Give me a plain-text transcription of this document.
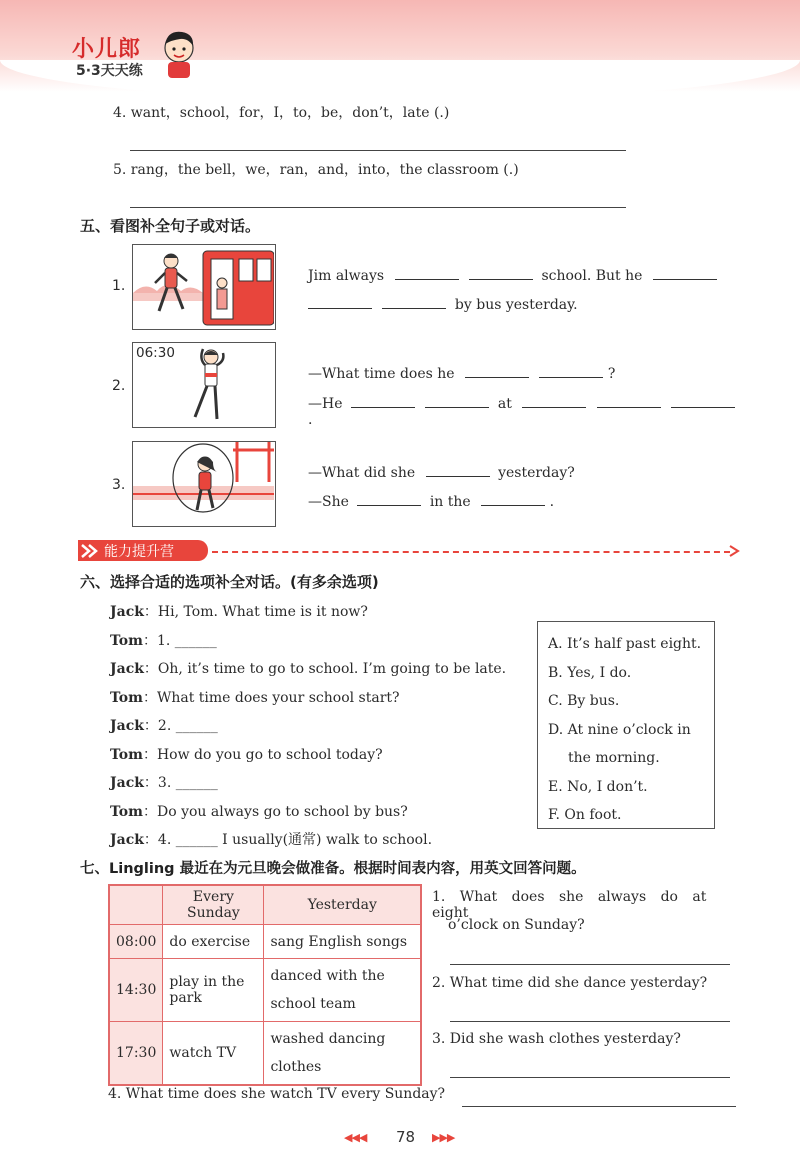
小儿郎
5·3天天练
4. want，school，for，I，to，be，don’t，late (.)
5. rang，the bell，we，ran，and，into，the classroom (.)
五、看图补全句子或对话。
1.
Jim always	school. But he
by bus yesterday.
2.
06:30
—What time does he	?
—He	at    .
3.
—What did she	yesterday?
—She	in the	.
能力提升营
六、选择合适的选项补全对话。(有多余选项)
Jack：Hi, Tom. What time is it now?
Tom：1. ______
Jack：Oh, it’s time to go to school. I’m going to be late.
Tom：What time does your school start?
Jack：2. ______
Tom：How do you go to school today?
Jack：3. ______
Tom：Do you always go to school by bus?
Jack：4. ______ I usually(通常) walk to school.
A. It’s half past eight.
B. Yes, I do.
C. By bus.
D. At nine o’clock in
the morning.
E. No, I don’t.
F. On foot.
七、Lingling 最近在为元旦晚会做准备。根据时间表内容，用英文回答问题。
	Every Sunday	Yesterday
08:00	do exercise	sang English songs
14:30	play in the park	danced with the school team
17:30	watch TV	washed dancing clothes
1. What does she always do at eight
o’clock on Sunday?
2. What time did she dance yesterday?
3. Did she wash clothes yesterday?
4. What time does she watch TV every Sunday?
◀◀◀ 78 ▶▶▶
